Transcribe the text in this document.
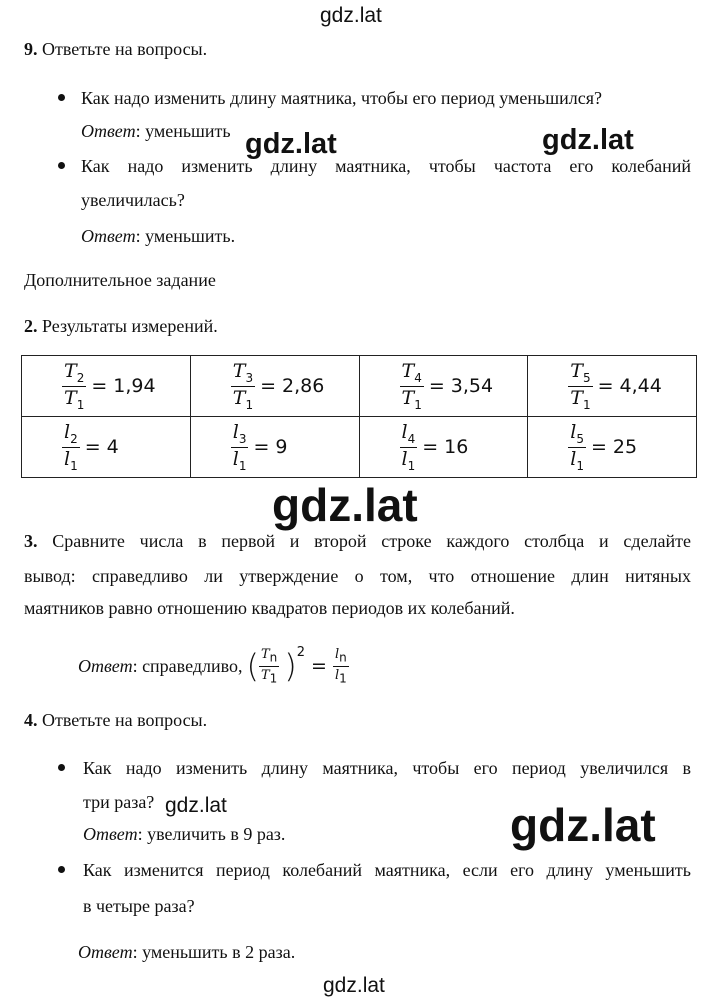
gdz.lat
gdz.lat	gdz.lat
gdz.lat
gdz.lat	gdz.lat
gdz.lat
9. Ответьте на вопросы.
Как надо изменить длину маятника, чтобы его период уменьшился?
Ответ: уменьшить
Как надо изменить длину маятника, чтобы частота его колебаний
увеличилась?
Ответ: уменьшить.
Дополнительное задание
2. Результаты измерений.
$\frac{T_2}{T_1} = 1,94$	$\frac{T_3}{T_1} = 2,86$	$\frac{T_4}{T_1} = 3,54$	$\frac{T_5}{T_1} = 4,44$

$\frac{l_2}{l_1} = 4$	$\frac{l_3}{l_1} = 9$	$\frac{l_4}{l_1} = 16$	$\frac{l_5}{l_1} = 25$
3. Сравните числа в первой и второй строке каждого столбца и сделайте
вывод: справедливо ли утверждение о том, что отношение длин нитяных
маятников равно отношению квадратов периодов их колебаний.
Ответ : справедливо, ( $\frac{T_n}{T_1}$ ) 2
= $\frac{l_n}{l_1}$
4. Ответьте на вопросы.
Как надо изменить длину маятника, чтобы его период увеличился в
три раза?
Ответ: увеличить в 9 раз.
Как изменится период колебаний маятника, если его длину уменьшить
в четыре раза?
Ответ: уменьшить в 2 раза.
